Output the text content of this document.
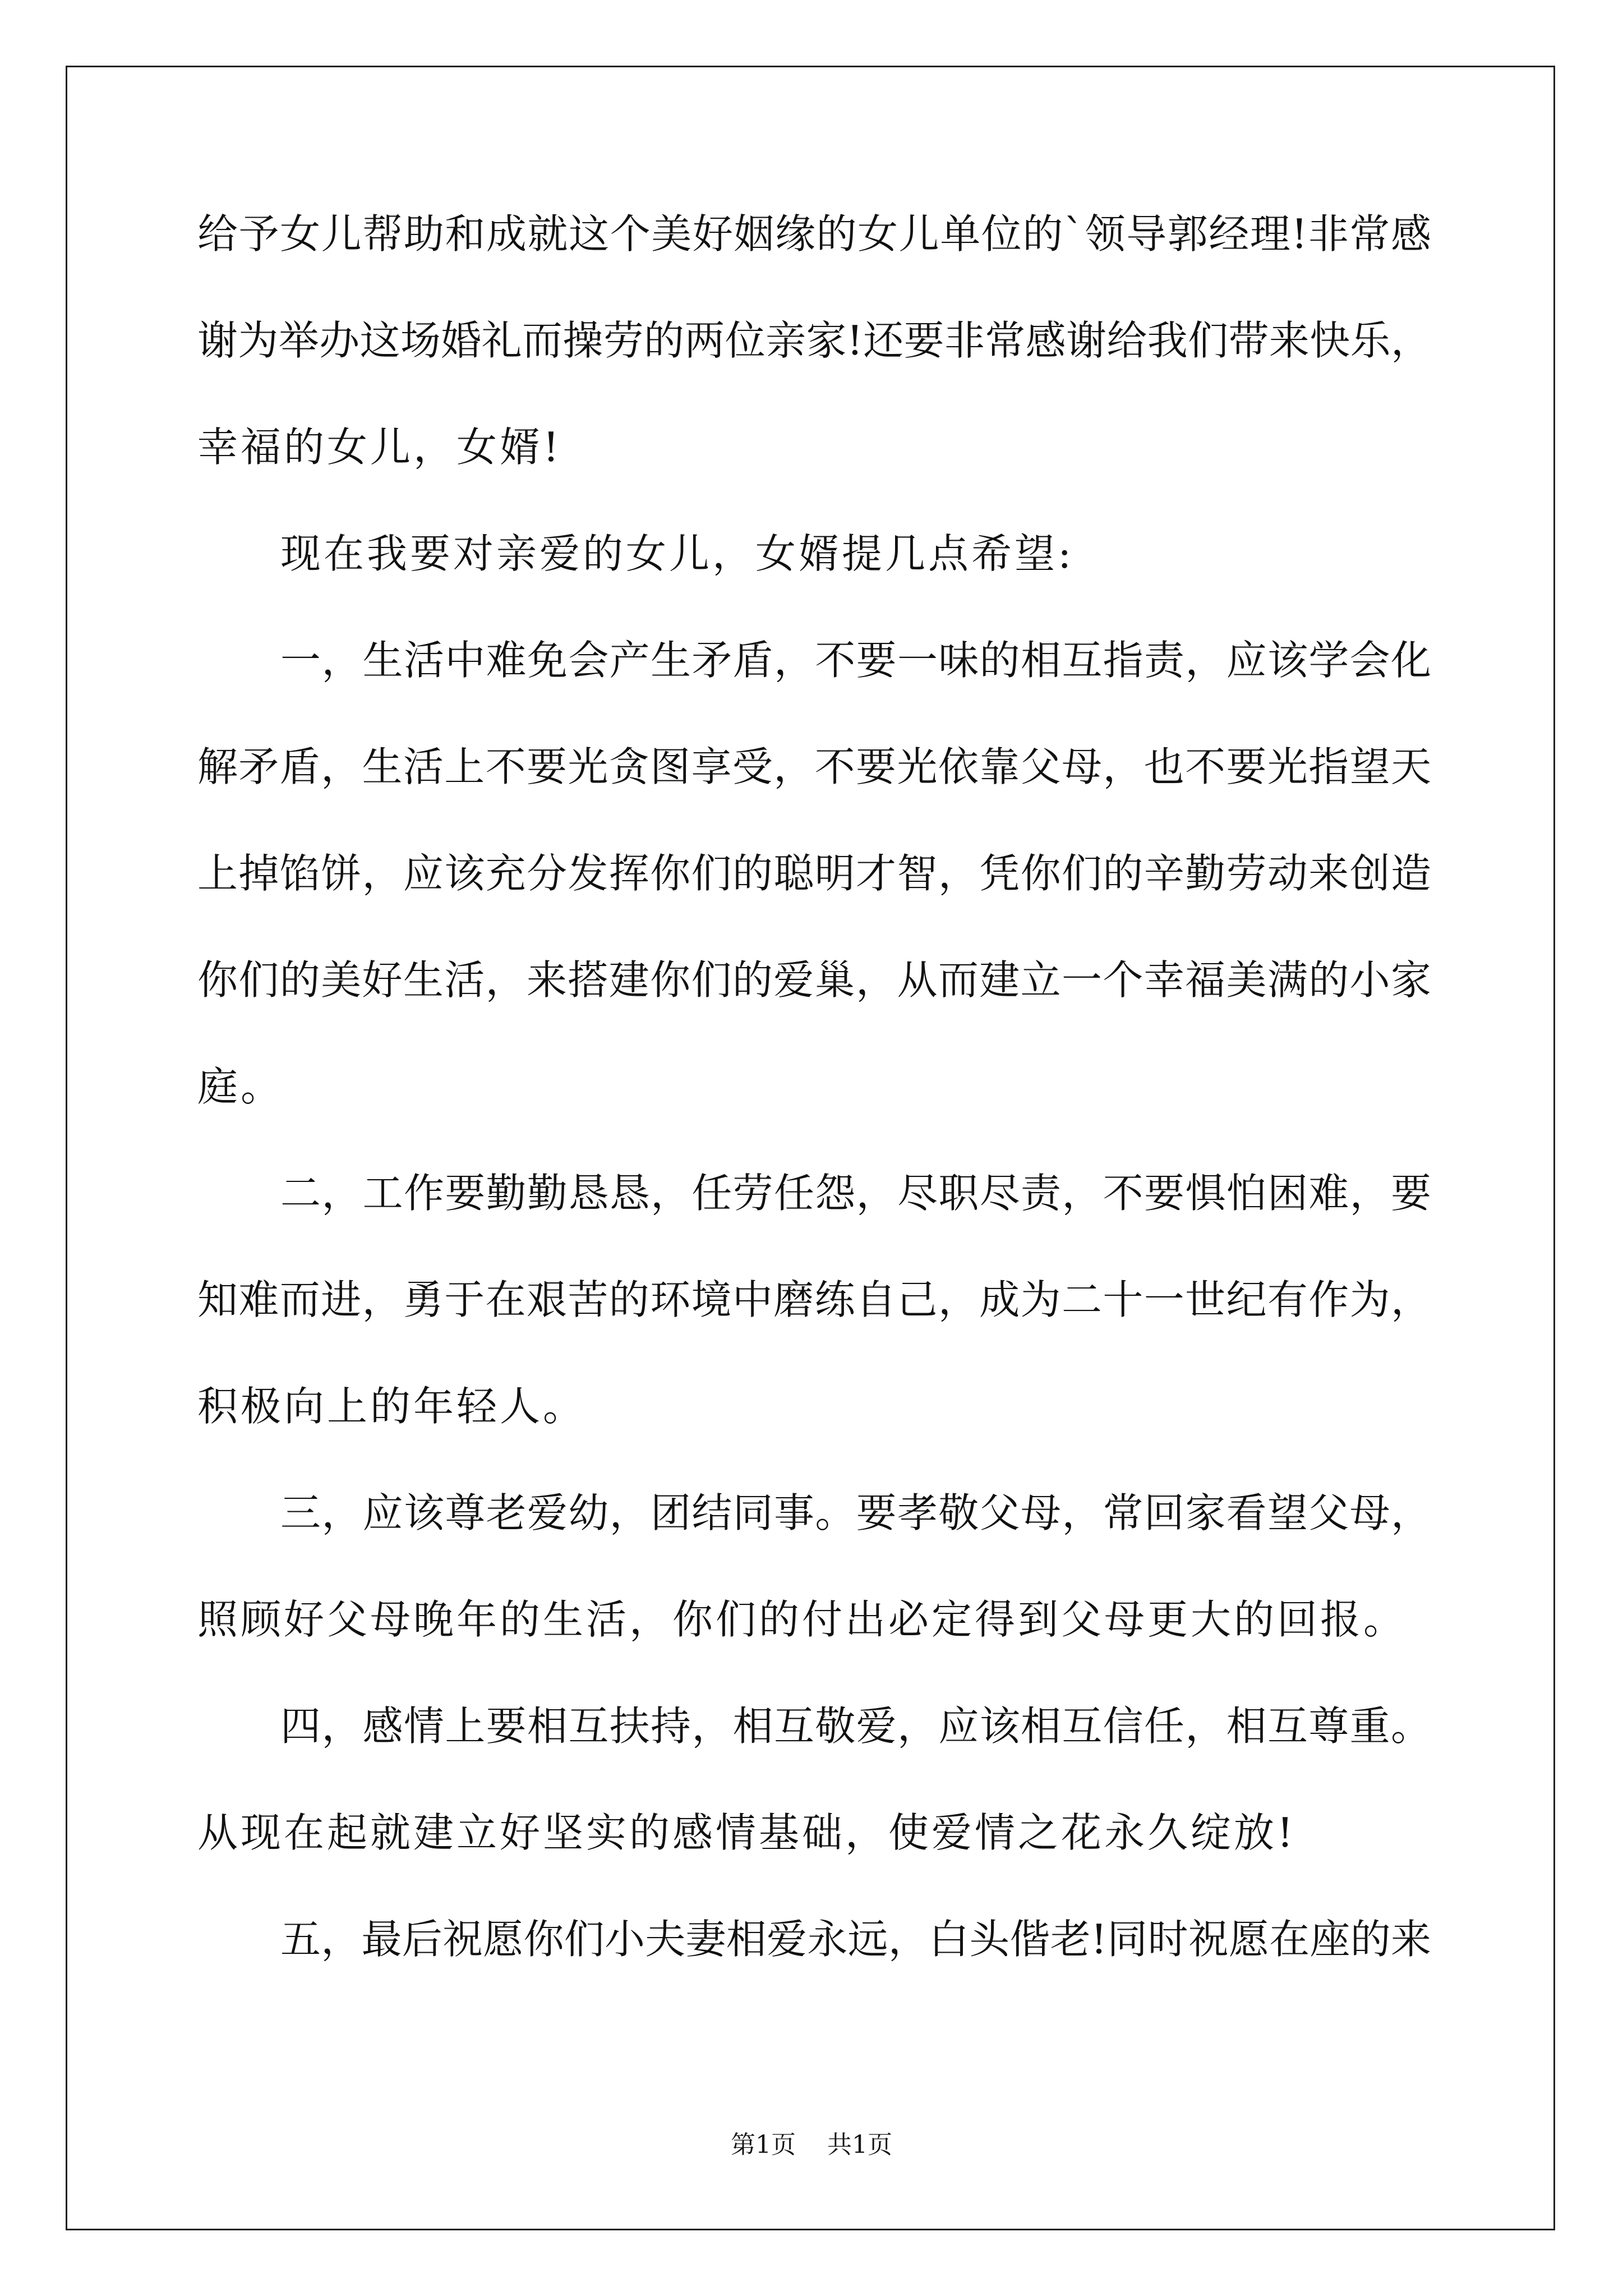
给予女儿帮助和成就这个美好姻缘的女儿单位的`领导郭经理!非常感
谢为举办这场婚礼而操劳的两位亲家!还要非常感谢给我们带来快乐，
幸福的女儿，女婿!
现在我要对亲爱的女儿，女婿提几点希望:
一，生活中难免会产生矛盾，不要一味的相互指责，应该学会化
解矛盾，生活上不要光贪图享受，不要光依靠父母，也不要光指望天
上掉馅饼，应该充分发挥你们的聪明才智，凭你们的辛勤劳动来创造
你们的美好生活，来搭建你们的爱巢，从而建立一个幸福美满的小家
庭。
二，工作要勤勤恳恳，任劳任怨，尽职尽责，不要惧怕困难，要
知难而进，勇于在艰苦的环境中磨练自己，成为二十一世纪有作为，
积极向上的年轻人。
三，应该尊老爱幼，团结同事。要孝敬父母，常回家看望父母，
照顾好父母晚年的生活，你们的付出必定得到父母更大的回报。
四，感情上要相互扶持，相互敬爱，应该相互信任，相互尊重。
从现在起就建立好坚实的感情基础，使爱情之花永久绽放!
五，最后祝愿你们小夫妻相爱永远，白头偕老!同时祝愿在座的来
第1页 共1页
